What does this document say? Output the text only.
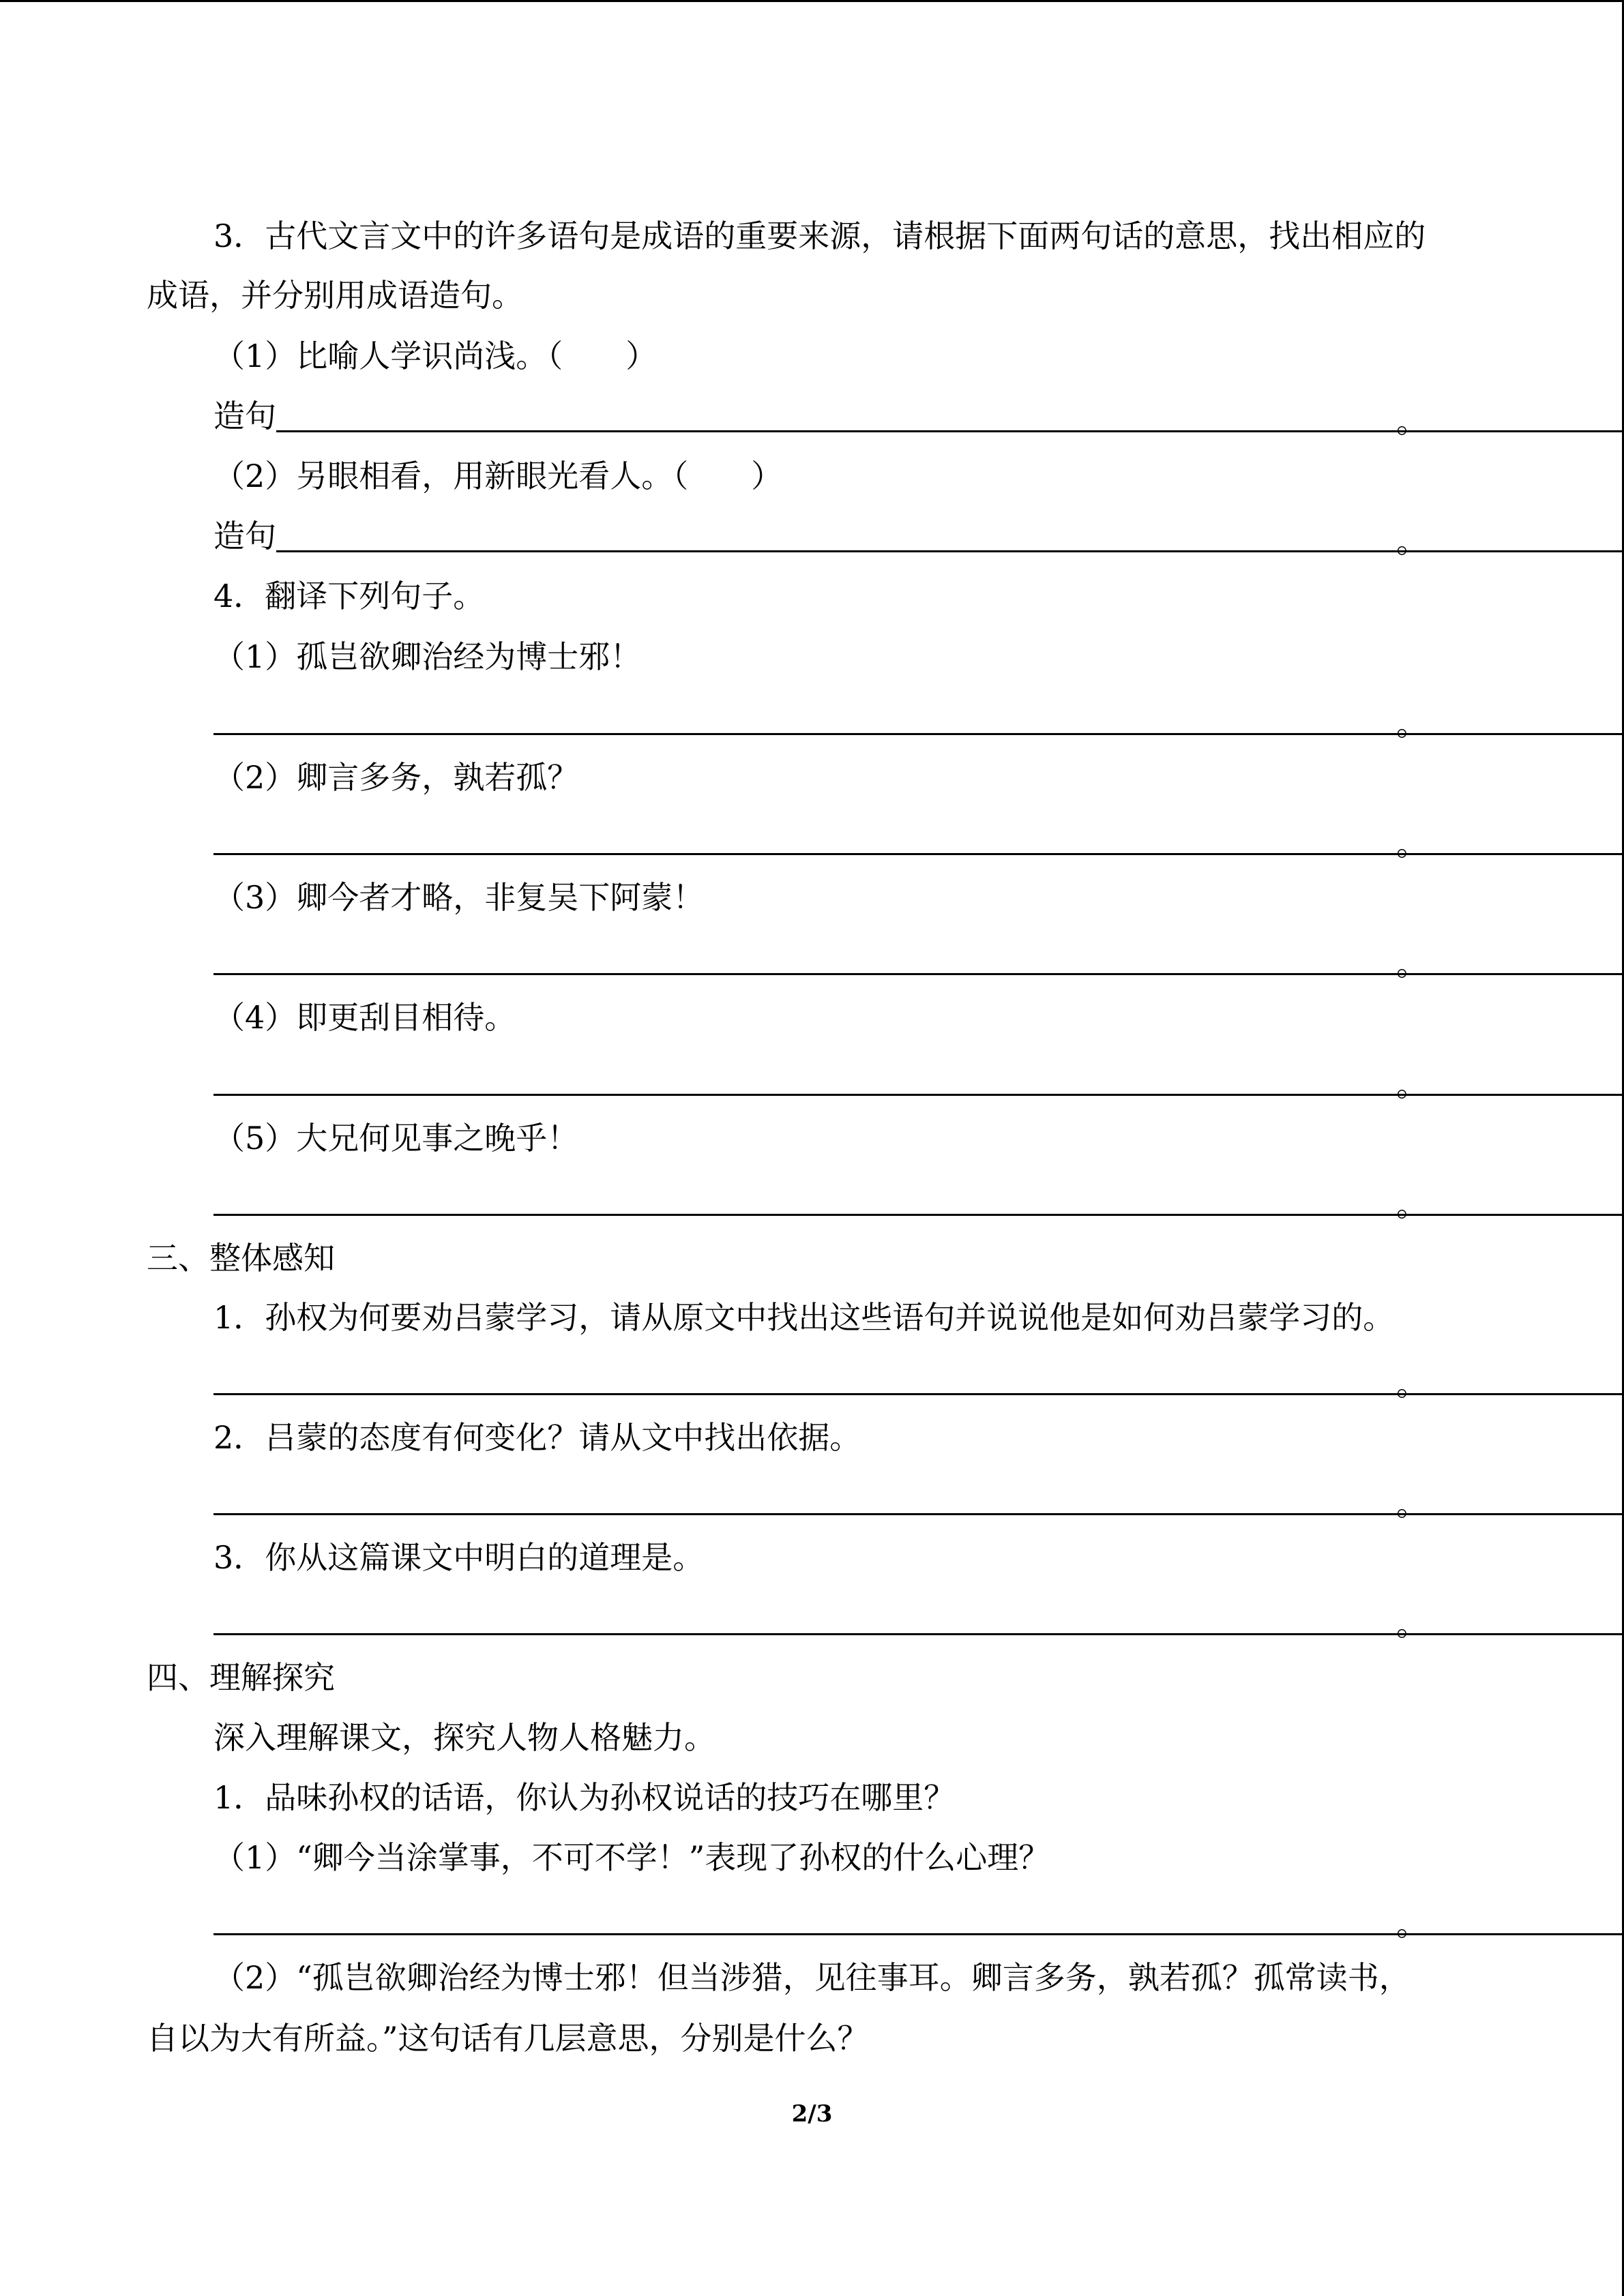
3．古代文言文中的许多语句是成语的重要来源，请根据下面两句话的意思，找出相应的
成语，并分别用成语造句。
（1）比喻人学识尚浅。（　　）
造句	。
（2）另眼相看，用新眼光看人。（　　）
造句	。
4．翻译下列句子。
（1）孤岂欲卿治经为博士邪！
。
（2）卿言多务，孰若孤？
。
（3）卿今者才略，非复吴下阿蒙！
。
（4）即更刮目相待。
。
（5）大兄何见事之晚乎！
。
三、整体感知
1．孙权为何要劝吕蒙学习，请从原文中找出这些语句并说说他是如何劝吕蒙学习的。
。
2．吕蒙的态度有何变化？请从文中找出依据。
。
3．你从这篇课文中明白的道理是。
。
四、理解探究
深入理解课文，探究人物人格魅力。
1．品味孙权的话语，你认为孙权说话的技巧在哪里？
（1）“卿今当涂掌事，不可不学！”表现了孙权的什么心理？
。
（2）“孤岂欲卿治经为博士邪！但当涉猎，见往事耳。卿言多务，孰若孤？孤常读书，
自以为大有所益。”这句话有几层意思，分别是什么？
2/3
